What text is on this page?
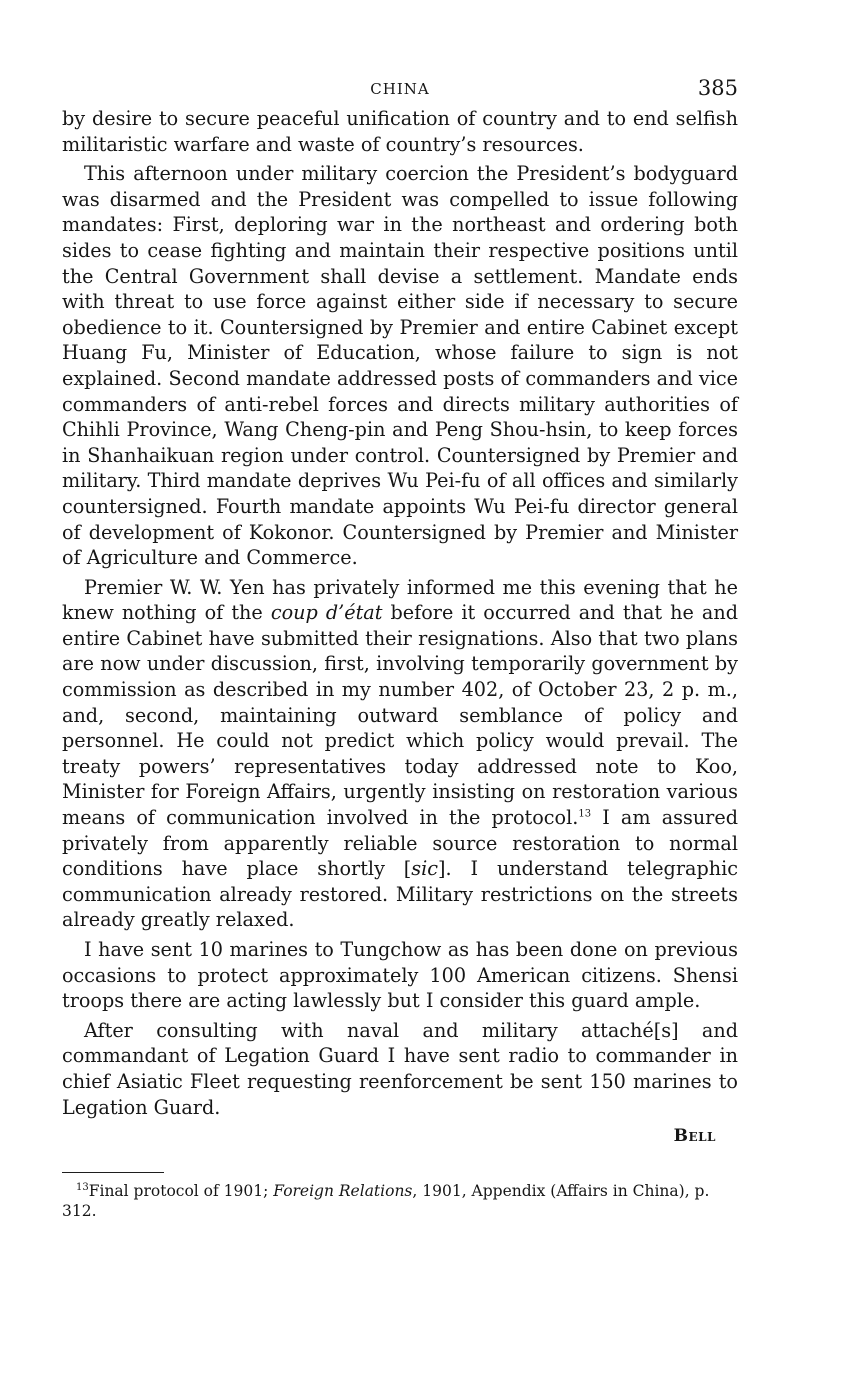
CHINA	385

by desire to secure peaceful unification of country and to end selfish militaristic warfare and waste of country’s resources.

This afternoon under military coercion the President’s bodyguard was disarmed and the President was compelled to issue following mandates: First, deploring war in the northeast and ordering both sides to cease fighting and maintain their respective positions until the Central Government shall devise a settlement. Mandate ends with threat to use force against either side if necessary to secure obedience to it. Countersigned by Premier and entire Cabinet except Huang Fu, Minister of Education, whose failure to sign is not explained. Second mandate addressed posts of commanders and vice commanders of anti-rebel forces and directs military authorities of Chihli Province, Wang Cheng-pin and Peng Shou-hsin, to keep forces in Shanhaikuan region under control. Countersigned by Premier and military. Third mandate deprives Wu Pei-fu of all offices and similarly countersigned. Fourth mandate appoints Wu Pei-fu director general of development of Kokonor. Countersigned by Premier and Minister of Agriculture and Commerce.

Premier W. W. Yen has privately informed me this evening that he knew nothing of the coup d’état before it occurred and that he and entire Cabinet have submitted their resignations. Also that two plans are now under discussion, first, involving temporarily government by commission as described in my number 402, of October 23, 2 p. m., and, second, maintaining outward semblance of policy and personnel. He could not predict which policy would prevail. The treaty powers’ representatives today addressed note to Koo, Minister for Foreign Affairs, urgently insisting on restoration various means of communication involved in the protocol.$^{13}$ I am assured privately from apparently reliable source restoration to normal conditions have place shortly [sic]. I understand telegraphic communication already restored. Military restrictions on the streets already greatly relaxed.

I have sent 10 marines to Tungchow as has been done on previous occasions to protect approximately 100 American citizens. Shensi troops there are acting lawlessly but I consider this guard ample.

After consulting with naval and military attaché[s] and commandant of Legation Guard I have sent radio to commander in chief Asiatic Fleet requesting reenforcement be sent 150 marines to Legation Guard.

Bell

$^{13}$Final protocol of 1901; Foreign Relations, 1901, Appendix (Affairs in China), p. 312.
